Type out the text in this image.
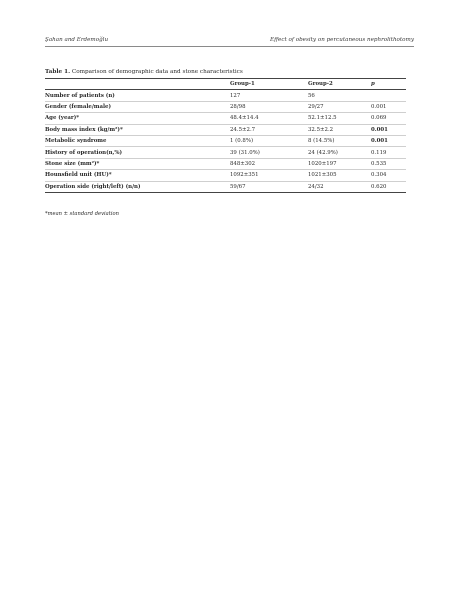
Şahan and Erdemoğlu	Effect of obesity on percutaneous nephrolithotomy
Table 1. Comparison of demographic data and stone characteristics
	Group-1	Group-2	p
Number of patients (n)	127	56	
Gender (female/male)	28/98	29/27	0.001
Age (year)*	48.4±14.4	52.1±12.5	0.069
Body mass index (kg/m²)*	24.5±2.7	32.5±2.2	0.001
Metabolic syndrome	1 (0.8%)	8 (14.5%)	0.001
History of operation(n,%)	39 (31.0%)	24 (42.9%)	0.119
Stone size (mm²)*	848±302	1020±197	0.535
Hounsfield unit (HU)*	1092±351	1021±305	0.304
Operation side (right/left) (n/n)	59/67	24/32	0.620
*mean ± standard deviation
